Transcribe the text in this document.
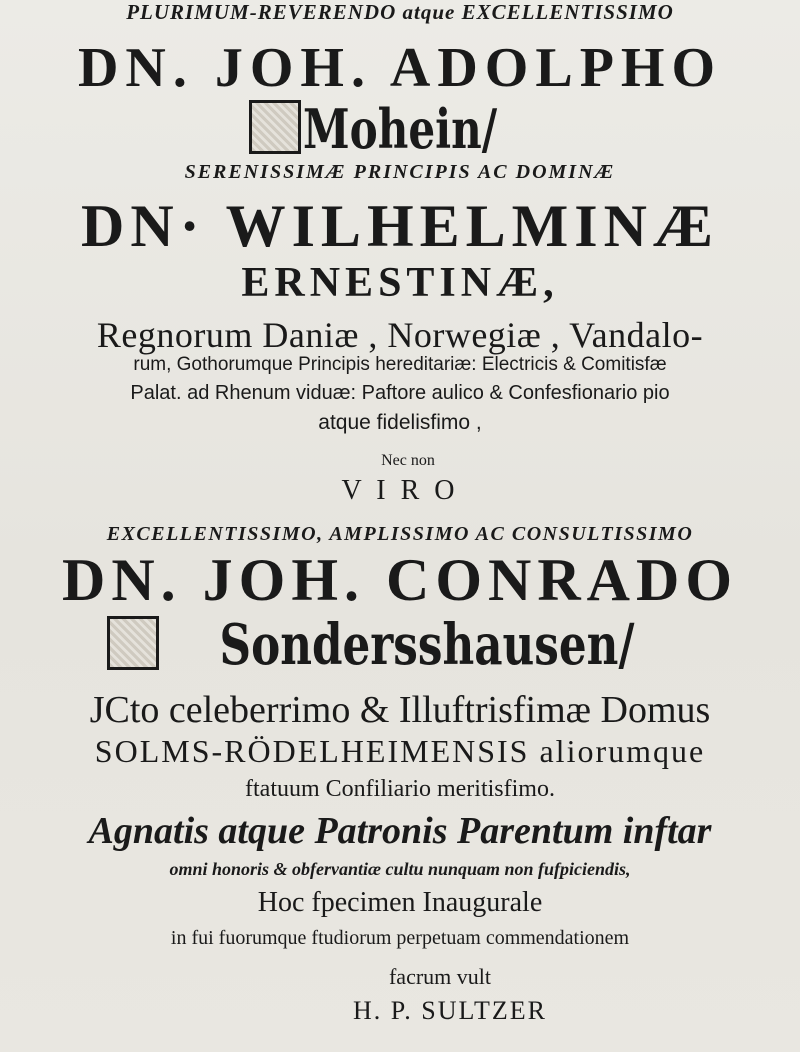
PLURIMUM-REVERENDO atque EXCELLENTISSIMO
DN. JOH. ADOLPHO
Mohein/
SERENISSIMÆ PRINCIPIS AC DOMINÆ
DN· WILHELMINÆ
ERNESTINÆ,
Regnorum Daniæ , Norwegiæ , Vandalo-
rum, Gothorumque Principis hereditariæ: Electricis & Comitisfæ
Palat. ad Rhenum viduæ: Paftore aulico & Confesfionario pio
atque fidelisfimo ,
Nec non
V I R O
EXCELLENTISSIMO, AMPLISSIMO AC CONSULTISSIMO
DN. JOH. CONRADO
Sondersshausen/
JCto celeberrimo & Illuftrisfimæ Domus
SOLMS-RÖDELHEIMENSIS aliorumque
ftatuum Confiliario meritisfimo.
Agnatis atque Patronis Parentum inftar
omni honoris & obfervantiæ cultu nunquam non fufpiciendis,
Hoc fpecimen Inaugurale
in fui fuorumque ftudiorum perpetuam commendationem
facrum vult
H. P. SULTZER
